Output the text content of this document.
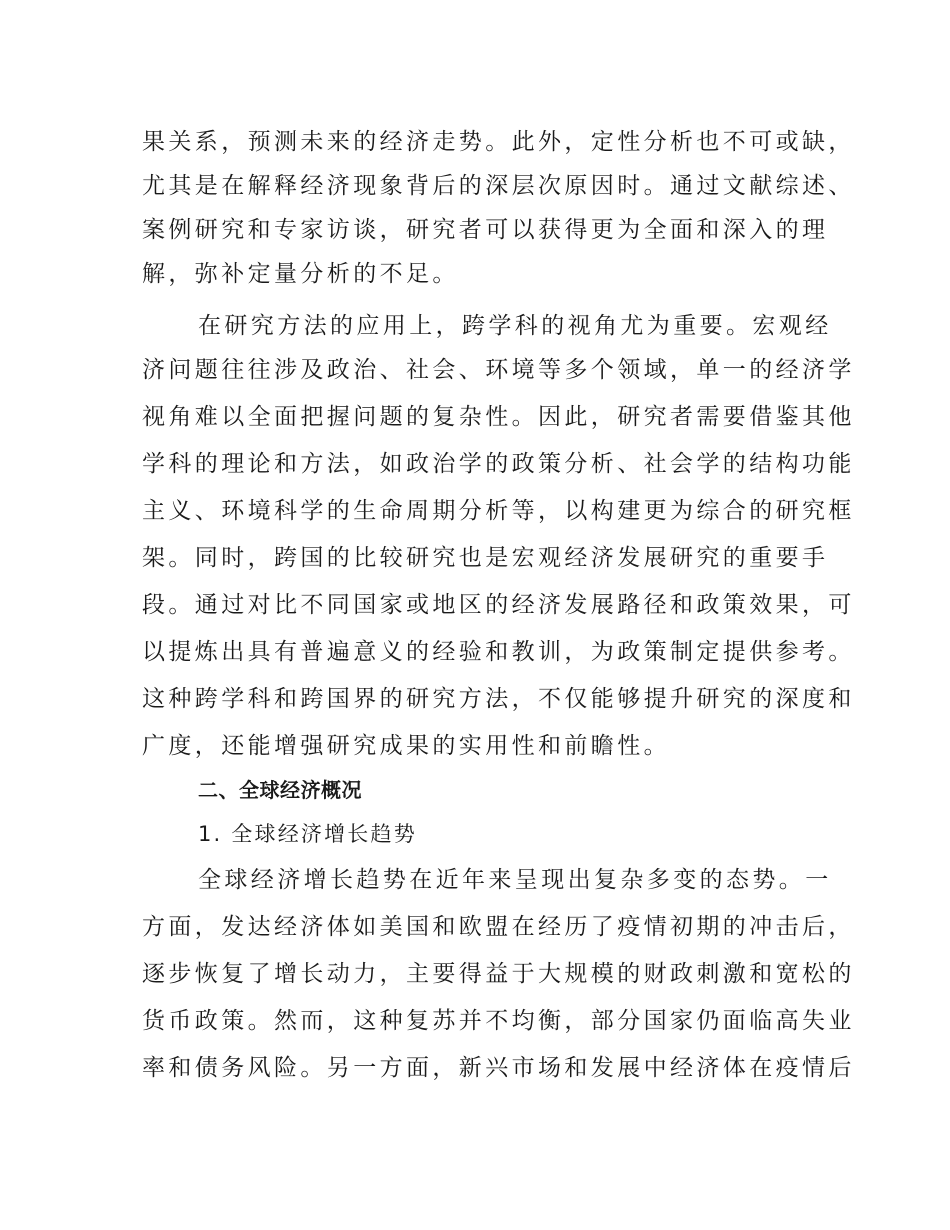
果关系，预测未来的经济走势。此外，定性分析也不可或缺，
尤其是在解释经济现象背后的深层次原因时。通过文献综述、
案例研究和专家访谈，研究者可以获得更为全面和深入的理
解，弥补定量分析的不足。
在研究方法的应用上，跨学科的视角尤为重要。宏观经
济问题往往涉及政治、社会、环境等多个领域，单一的经济学
视角难以全面把握问题的复杂性。因此，研究者需要借鉴其他
学科的理论和方法，如政治学的政策分析、社会学的结构功能
主义、环境科学的生命周期分析等，以构建更为综合的研究框
架。同时，跨国的比较研究也是宏观经济发展研究的重要手
段。通过对比不同国家或地区的经济发展路径和政策效果，可
以提炼出具有普遍意义的经验和教训，为政策制定提供参考。
这种跨学科和跨国界的研究方法，不仅能够提升研究的深度和
广度，还能增强研究成果的实用性和前瞻性。
二、全球经济概况
1. 全球经济增长趋势
全球经济增长趋势在近年来呈现出复杂多变的态势。一
方面，发达经济体如美国和欧盟在经历了疫情初期的冲击后，
逐步恢复了增长动力，主要得益于大规模的财政刺激和宽松的
货币政策。然而，这种复苏并不均衡，部分国家仍面临高失业
率和债务风险。另一方面，新兴市场和发展中经济体在疫情后
